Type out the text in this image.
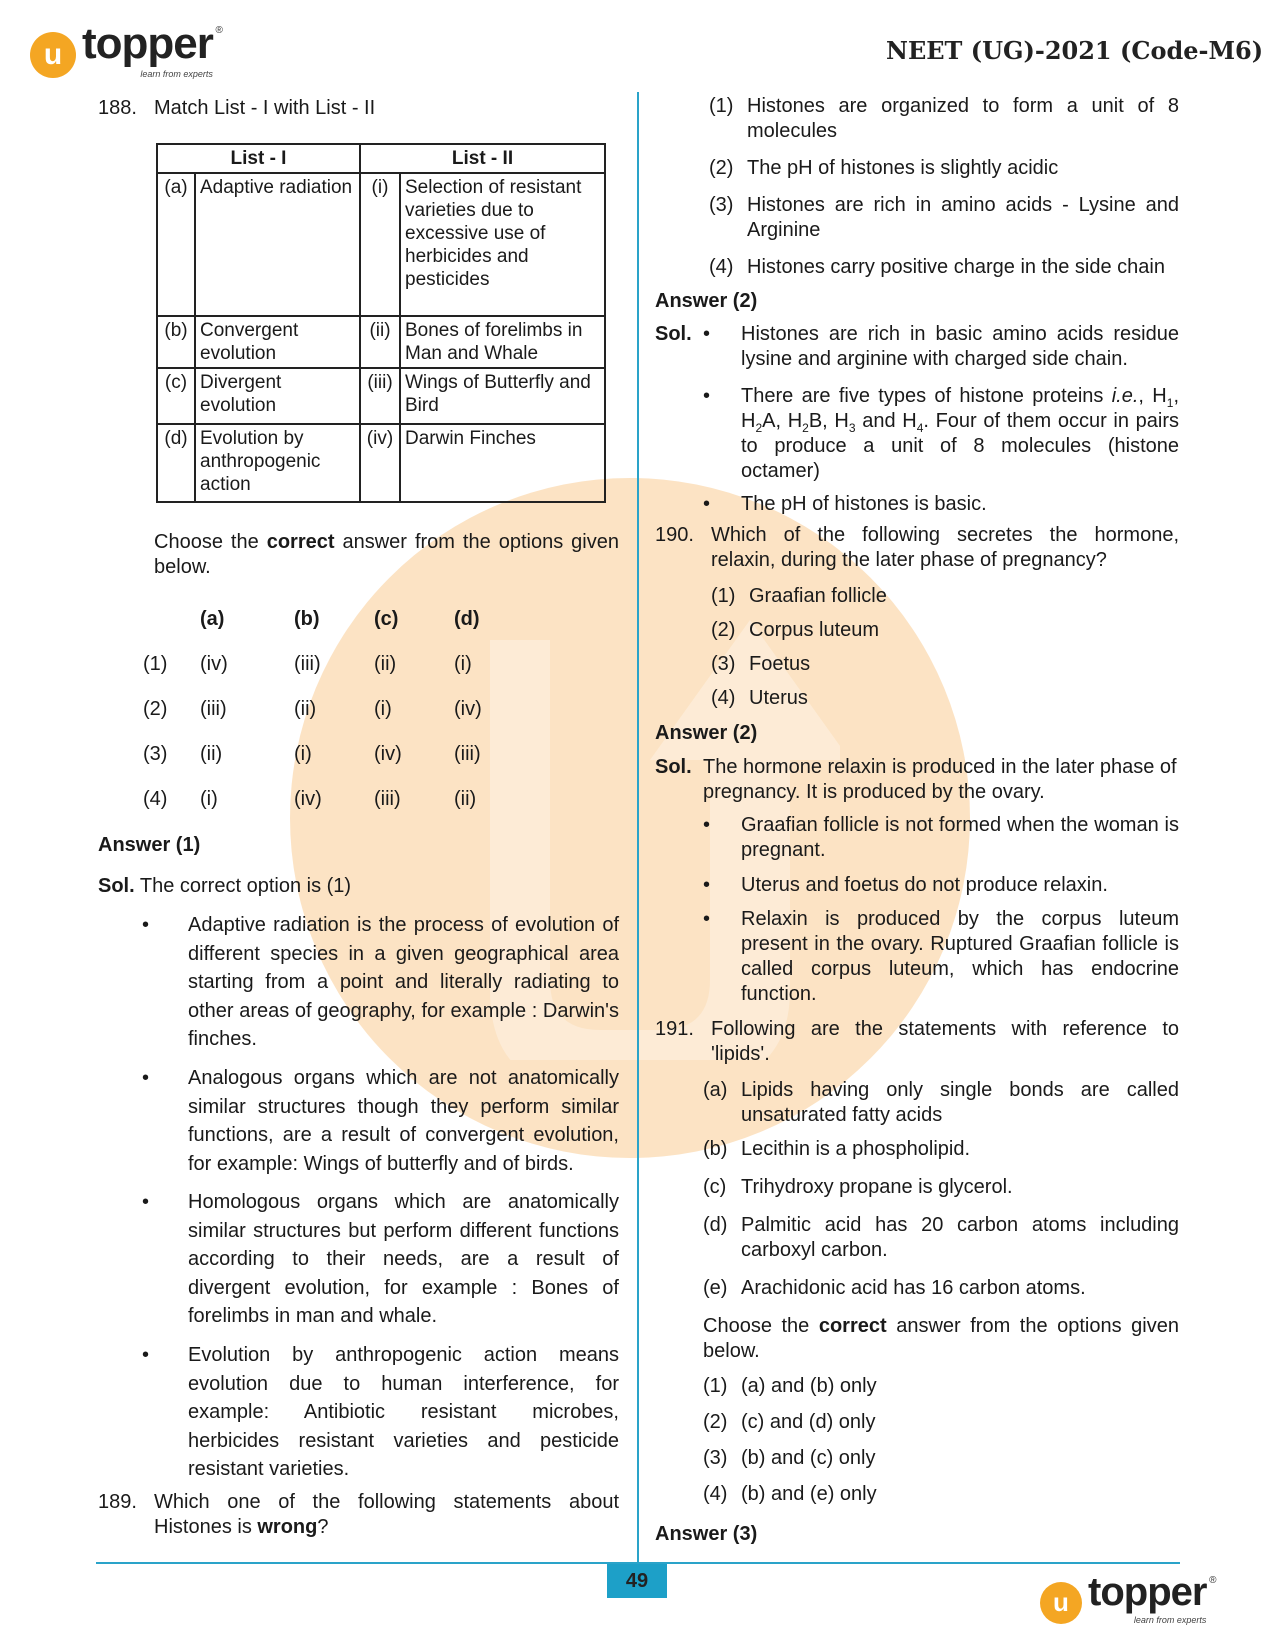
u topper ®
learn from experts
NEET (UG)-2021 (Code-M6)
188. Match List - I with List - II
List - I		List - II	
(a)	Adaptive radiation	(i)	Selection of resistant varieties due to excessive use of herbicides and pesticides
(b)	Convergent evolution	(ii)	Bones of forelimbs in Man and Whale
(c)	Divergent evolution	(iii)	Wings of Butterfly and Bird
(d)	Evolution by anthropogenic action	(iv)	Darwin Finches
Choose the correct answer from the options given below.
(a)	(b)	(c)	(d)
(1) (iv)	(iii)	(ii)	(i)
(2) (iii)	(ii)	(i)	(iv)
(3) (ii)	(i)	(iv)	(iii)
(4) (i)	(iv)	(iii)	(ii)
Answer (1)
Sol. The correct option is (1)
•	Adaptive radiation is the process of evolution of different species in a given geographical area starting from a point and literally radiating to other areas of geography, for example : Darwin's finches.
•	Analogous organs which are not anatomically similar structures though they perform similar functions, are a result of convergent evolution, for example: Wings of butterfly and of birds.
•	Homologous organs which are anatomically similar structures but perform different functions according to their needs, are a result of divergent evolution, for example : Bones of forelimbs in man and whale.
•	Evolution by anthropogenic action means evolution due to human interference, for example: Antibiotic resistant microbes, herbicides resistant varieties and pesticide resistant varieties.
189. Which one of the following statements about Histones is wrong?
(1) Histones are organized to form a unit of 8 molecules
(2) The pH of histones is slightly acidic
(3) Histones are rich in amino acids - Lysine and Arginine
(4) Histones carry positive charge in the side chain
Answer (2)
Sol. • Histones are rich in basic amino acids residue lysine and arginine with charged side chain.
• There are five types of histone proteins i.e., $H_1$, $H_2A$, $H_2B$, $H_3$ and $H_4$. Four of them occur in pairs to produce a unit of 8 molecules (histone octamer)
• The pH of histones is basic.
190. Which of the following secretes the hormone, relaxin, during the later phase of pregnancy?
(1) Graafian follicle
(2) Corpus luteum
(3) Foetus
(4) Uterus
Answer (2)
Sol. The hormone relaxin is produced in the later phase of pregnancy. It is produced by the ovary.
• Graafian follicle is not formed when the woman is pregnant.
• Uterus and foetus do not produce relaxin.
• Relaxin is produced by the corpus luteum present in the ovary. Ruptured Graafian follicle is called corpus luteum, which has endocrine function.
191. Following are the statements with reference to 'lipids'.
(a) Lipids having only single bonds are called unsaturated fatty acids
(b) Lecithin is a phospholipid.
(c) Trihydroxy propane is glycerol.
(d) Palmitic acid has 20 carbon atoms including carboxyl carbon.
(e) Arachidonic acid has 16 carbon atoms.
Choose the correct answer from the options given below.
(1) (a) and (b) only
(2) (c) and (d) only
(3) (b) and (c) only
(4) (b) and (e) only
Answer (3)
49
u topper ®
learn from experts
